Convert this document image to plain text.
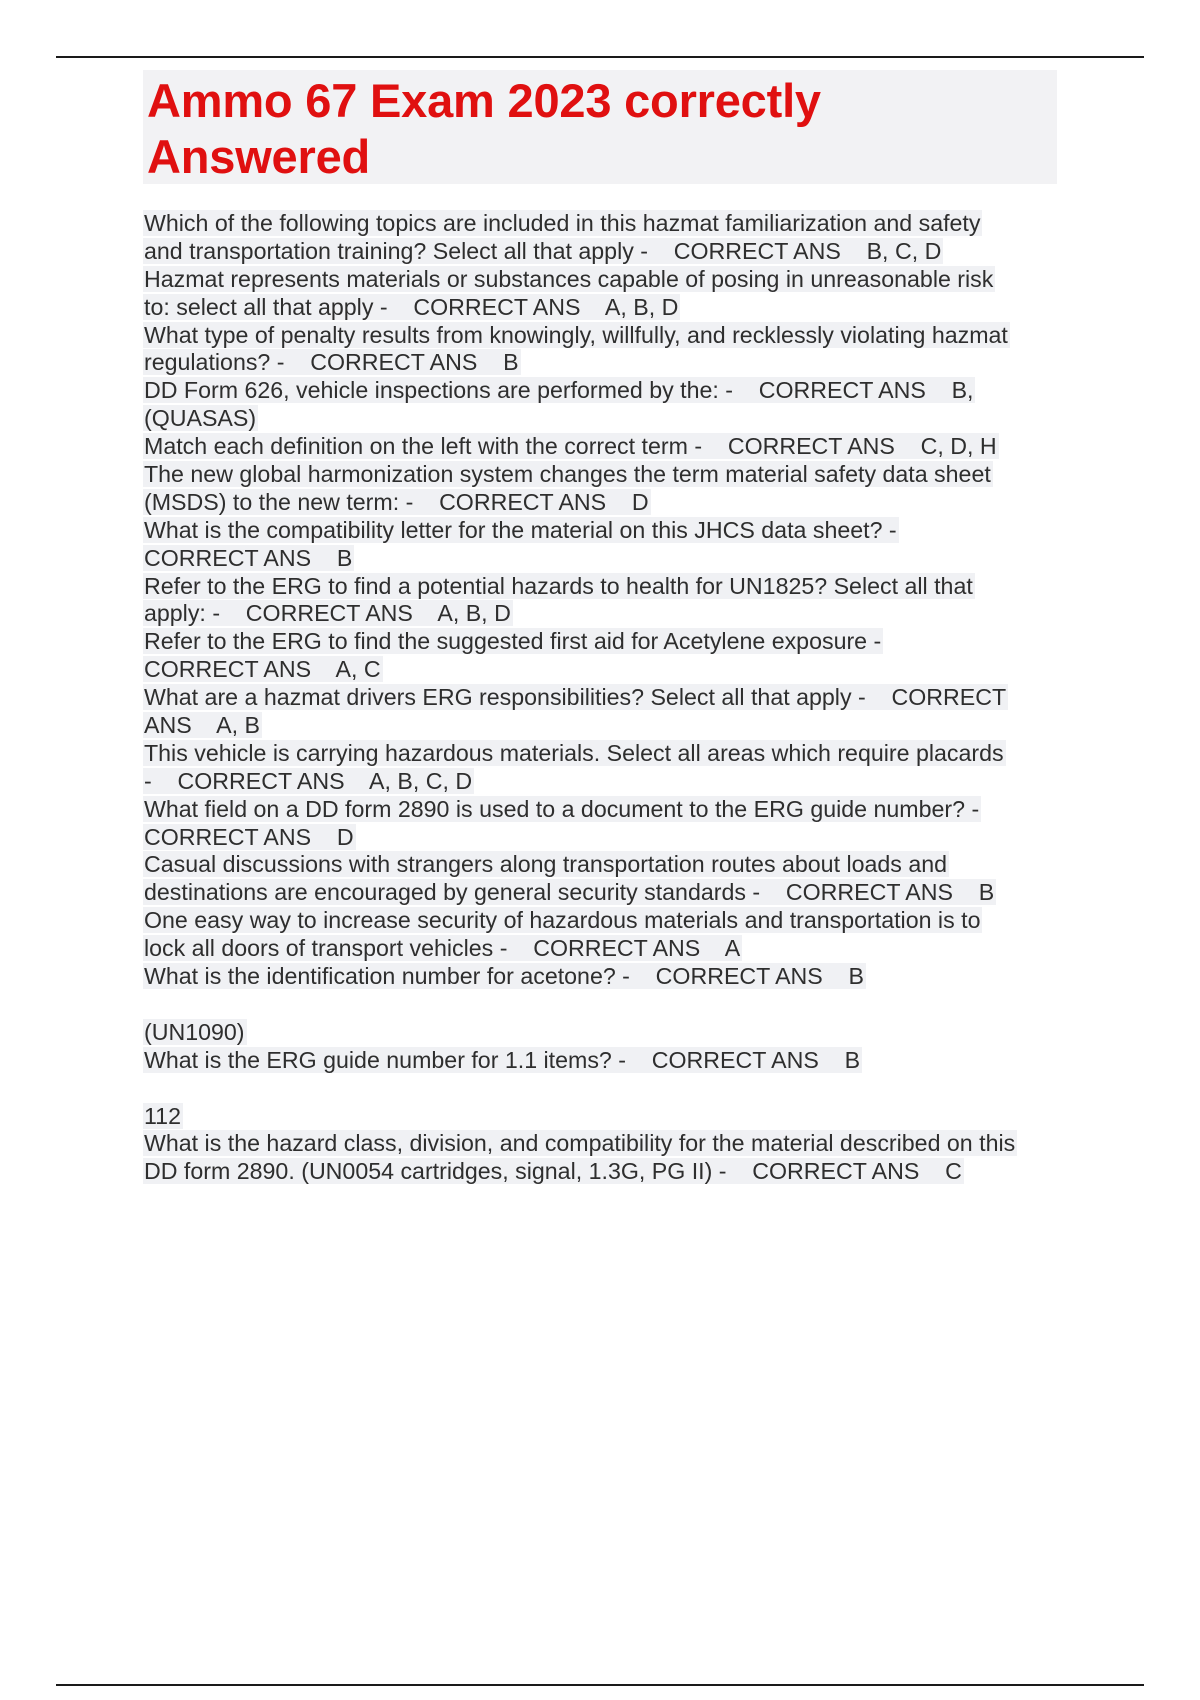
Ammo 67 Exam 2023 correctly
Answered
Which of the following topics are included in this hazmat familiarization and safety
and transportation training? Select all that apply -    CORRECT ANS    B, C, D
Hazmat represents materials or substances capable of posing in unreasonable risk
to: select all that apply -    CORRECT ANS    A, B, D
What type of penalty results from knowingly, willfully, and recklessly violating hazmat
regulations? -    CORRECT ANS    B
DD Form 626, vehicle inspections are performed by the: -    CORRECT ANS    B,
(QUASAS)
Match each definition on the left with the correct term -    CORRECT ANS    C, D, H
The new global harmonization system changes the term material safety data sheet
(MSDS) to the new term: -    CORRECT ANS    D
What is the compatibility letter for the material on this JHCS data sheet? -
CORRECT ANS    B
Refer to the ERG to find a potential hazards to health for UN1825? Select all that
apply: -    CORRECT ANS    A, B, D
Refer to the ERG to find the suggested first aid for Acetylene exposure -
CORRECT ANS    A, C
What are a hazmat drivers ERG responsibilities? Select all that apply -    CORRECT
ANS    A, B
This vehicle is carrying hazardous materials. Select all areas which require placards
-    CORRECT ANS    A, B, C, D
What field on a DD form 2890 is used to a document to the ERG guide number? -
CORRECT ANS    D
Casual discussions with strangers along transportation routes about loads and
destinations are encouraged by general security standards -    CORRECT ANS    B
One easy way to increase security of hazardous materials and transportation is to
lock all doors of transport vehicles -    CORRECT ANS    A
What is the identification number for acetone? -    CORRECT ANS    B
(UN1090)
What is the ERG guide number for 1.1 items? -    CORRECT ANS    B
112
What is the hazard class, division, and compatibility for the material described on this
DD form 2890. (UN0054 cartridges, signal, 1.3G, PG II) -    CORRECT ANS    C
